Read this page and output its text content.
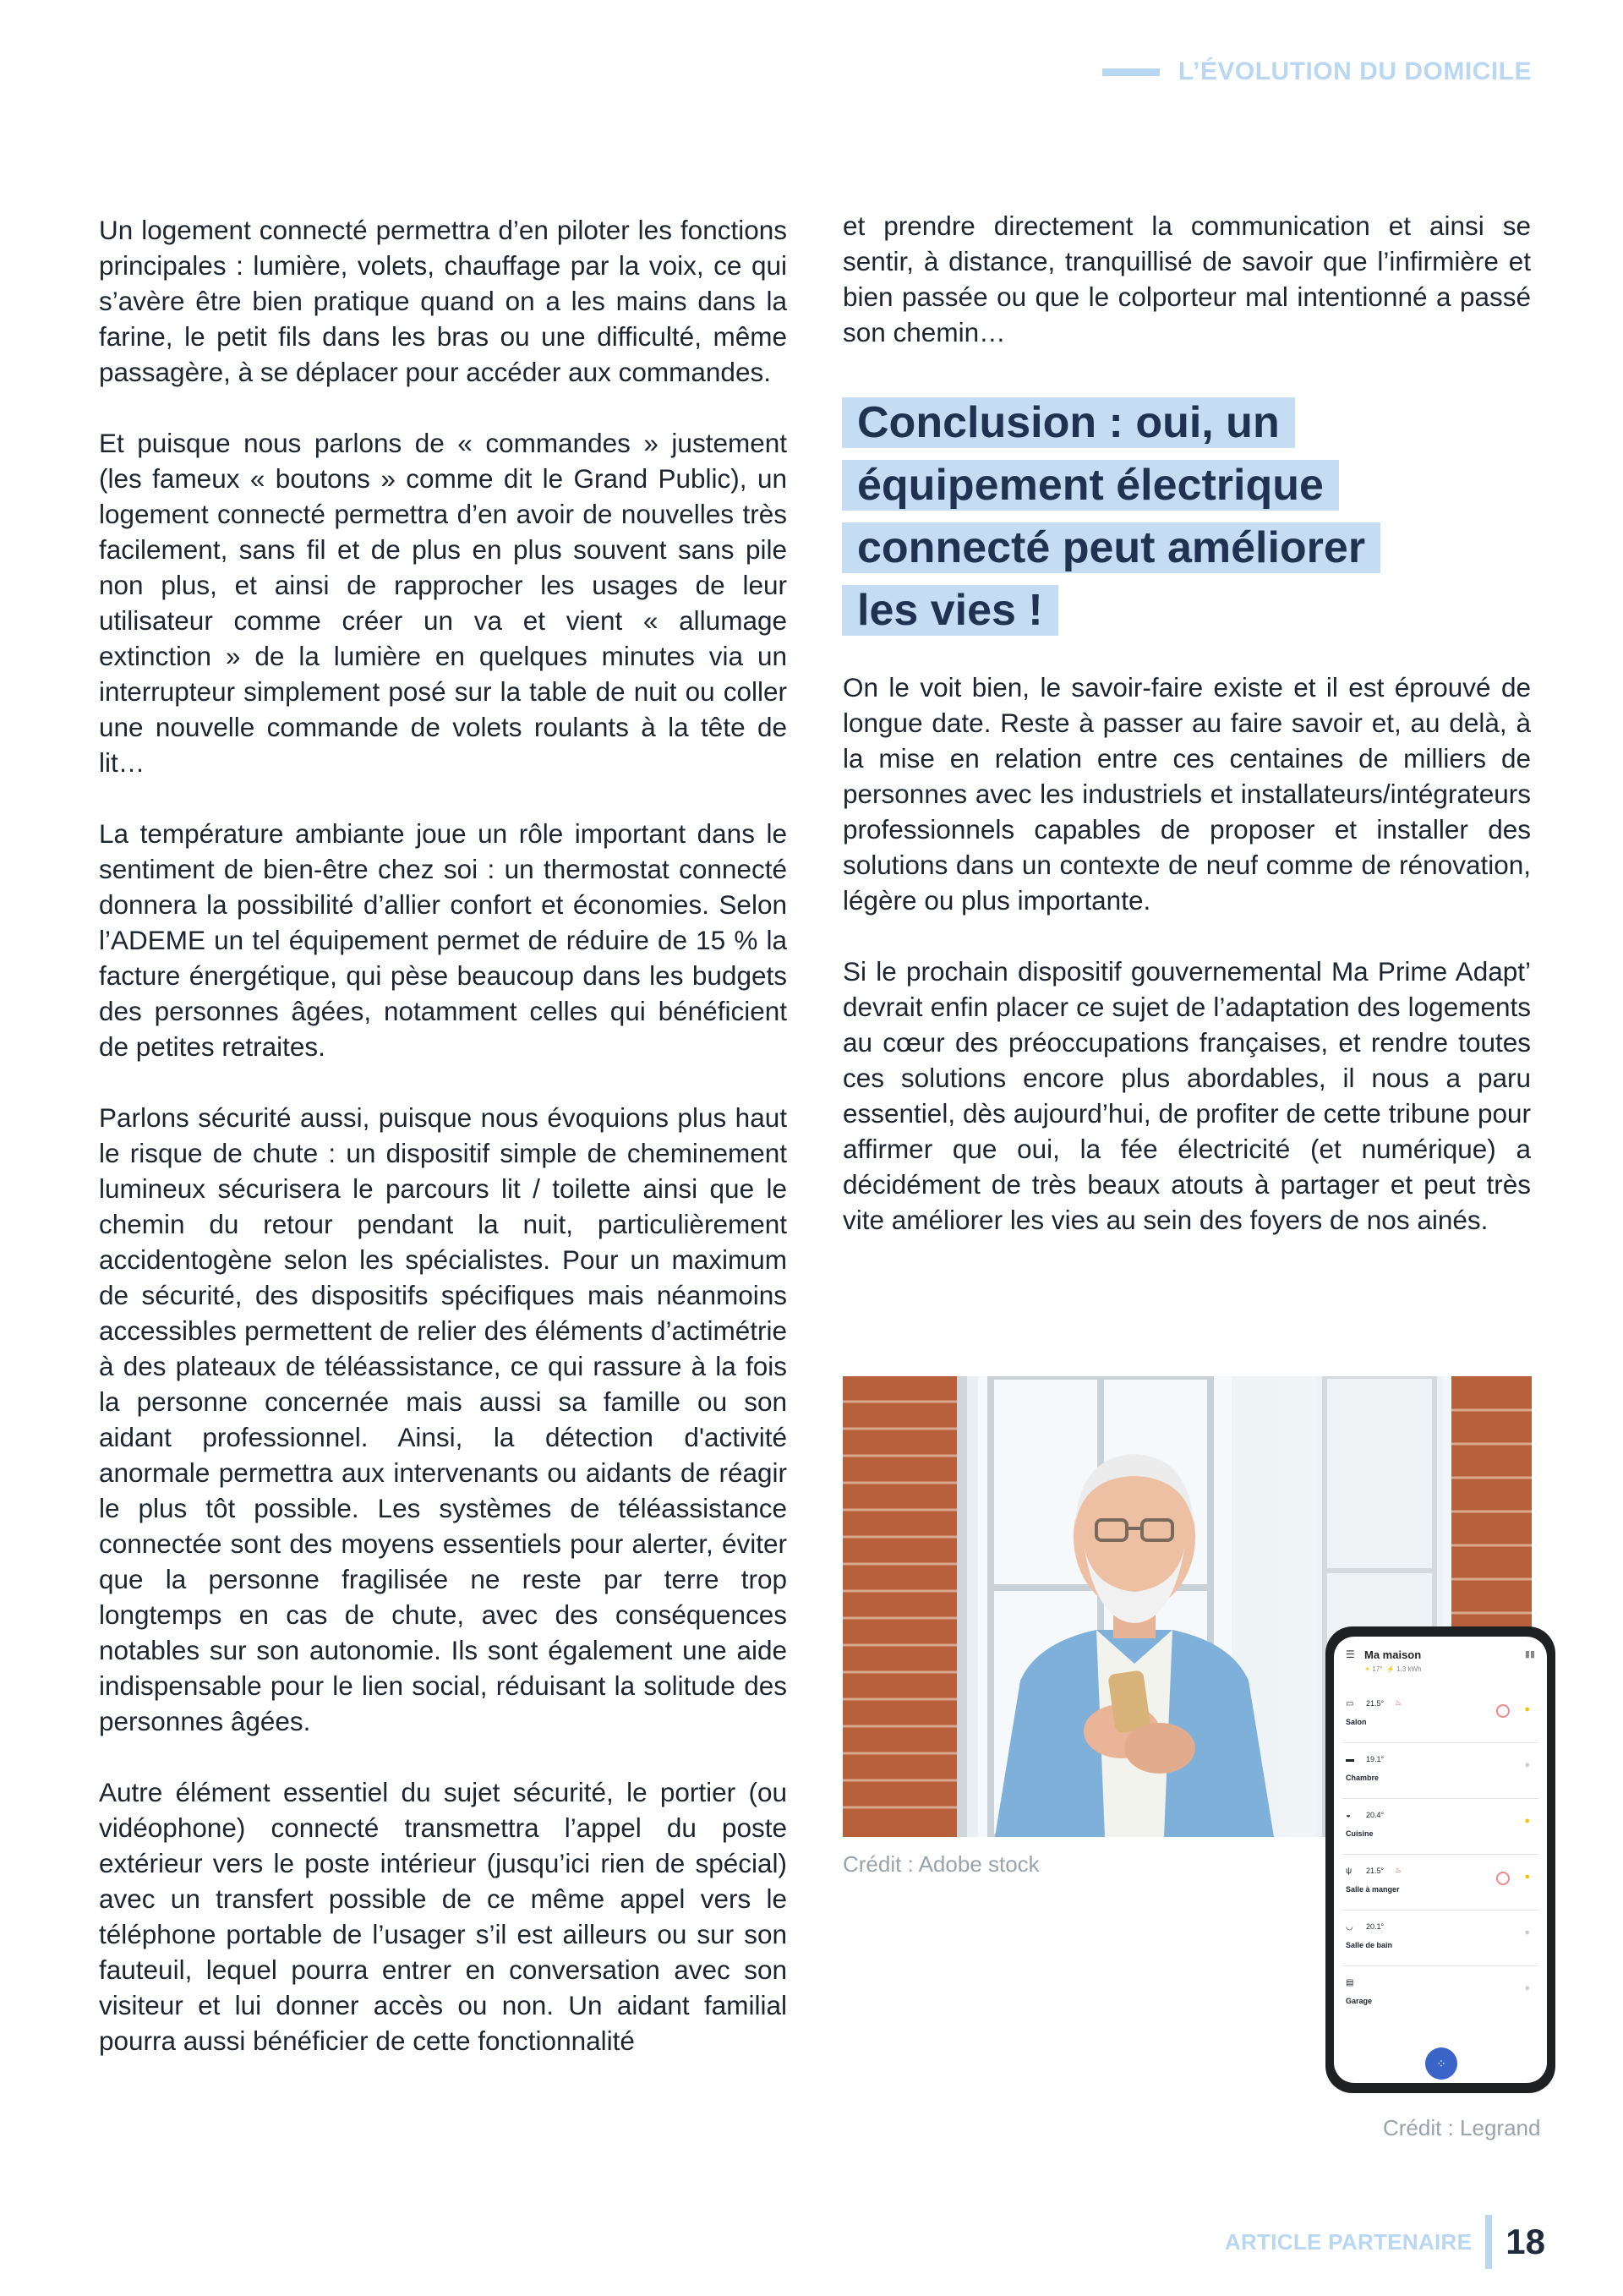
L’ÉVOLUTION DU DOMICILE

Un logement connecté permettra d’en piloter les fonctions principales : lumière, volets, chauffage par la voix, ce qui s’avère être bien pratique quand on a les mains dans la farine, le petit fils dans les bras ou une difficulté, même passagère, à se déplacer pour accéder aux commandes.

Et puisque nous parlons de « commandes » justement (les fameux « boutons » comme dit le Grand Public), un logement connecté permettra d’en avoir de nouvelles très facilement, sans fil et de plus en plus souvent sans pile non plus, et ainsi de rapprocher les usages de leur utilisateur comme créer un va et vient « allumage extinction » de la lumière en quelques minutes via un interrupteur simplement posé sur la table de nuit ou coller une nouvelle commande de volets roulants à la tête de lit…

La température ambiante joue un rôle important dans le sentiment de bien-être chez soi : un thermostat connecté donnera la possibilité d’allier confort et économies. Selon l’ADEME un tel équipement permet de réduire de 15 % la facture énergétique, qui pèse beaucoup dans les budgets des personnes âgées, notamment celles qui bénéficient de petites retraites.

Parlons sécurité aussi, puisque nous évoquions plus haut le risque de chute : un dispositif simple de cheminement lumineux sécurisera le parcours lit / toilette ainsi que le chemin du retour pendant la nuit, particulièrement accidentogène selon les spécialistes. Pour un maximum de sécurité, des dispositifs spécifiques mais néanmoins accessibles permettent de relier des éléments d’actimétrie à des plateaux de téléassistance, ce qui rassure à la fois la personne concernée mais aussi sa famille ou son aidant professionnel. Ainsi, la détection d'activité anormale permettra aux intervenants ou aidants de réagir le plus tôt possible. Les systèmes de téléassistance connectée sont des moyens essentiels pour alerter, éviter que la personne fragilisée ne reste par terre trop longtemps en cas de chute, avec des conséquences notables sur son autonomie. Ils sont également une aide indispensable pour le lien social, réduisant la solitude des personnes âgées.

Autre élément essentiel du sujet sécurité, le portier (ou vidéophone) connecté transmettra l’appel du poste extérieur vers le poste intérieur (jusqu’ici rien de spécial) avec un transfert possible de ce même appel vers le téléphone portable de l’usager s’il est ailleurs ou sur son fauteuil, lequel pourra entrer en conversation avec son visiteur et lui donner accès ou non. Un aidant familial pourra aussi bénéficier de cette fonctionnalité

et prendre directement la communication et ainsi se sentir, à distance, tranquillisé de savoir que l’infirmière et bien passée ou que le colporteur mal intentionné a passé son chemin…

Conclusion : oui, un
équipement électrique
connecté peut améliorer
les vies !

On le voit bien, le savoir-faire existe et il est éprouvé de longue date. Reste à passer au faire savoir et, au delà, à la mise en relation entre ces centaines de milliers de personnes avec les industriels et installateurs/intégrateurs professionnels capables de proposer et installer des solutions dans un contexte de neuf comme de rénovation, légère ou plus importante.

Si le prochain dispositif gouvernemental Ma Prime Adapt’ devrait enfin placer ce sujet de l’adaptation des logements au cœur des préoccupations françaises, et rendre toutes ces solutions encore plus abordables, il nous a paru essentiel, dès aujourd’hui, de profiter de cette tribune pour affirmer que oui, la fée électricité (et numérique) a décidément de très beaux atouts à partager et peut très vite améliorer les vies au sein des foyers de nos ainés.

Crédit : Adobe stock
☰ Ma maison	▮▮
☀ 17° ⚡ 1.3 kWh
▭ 21.5° ♨
Salon
●
▬ 19.1°
Chambre
●
◒ 20.4°
Cuisine
●
ψ 21.5° ♨
Salle à manger
●
◡ 20.1°
Salle de bain
●
▤
Garage
●
⁘
Crédit : Legrand
ARTICLE PARTENAIRE 18
